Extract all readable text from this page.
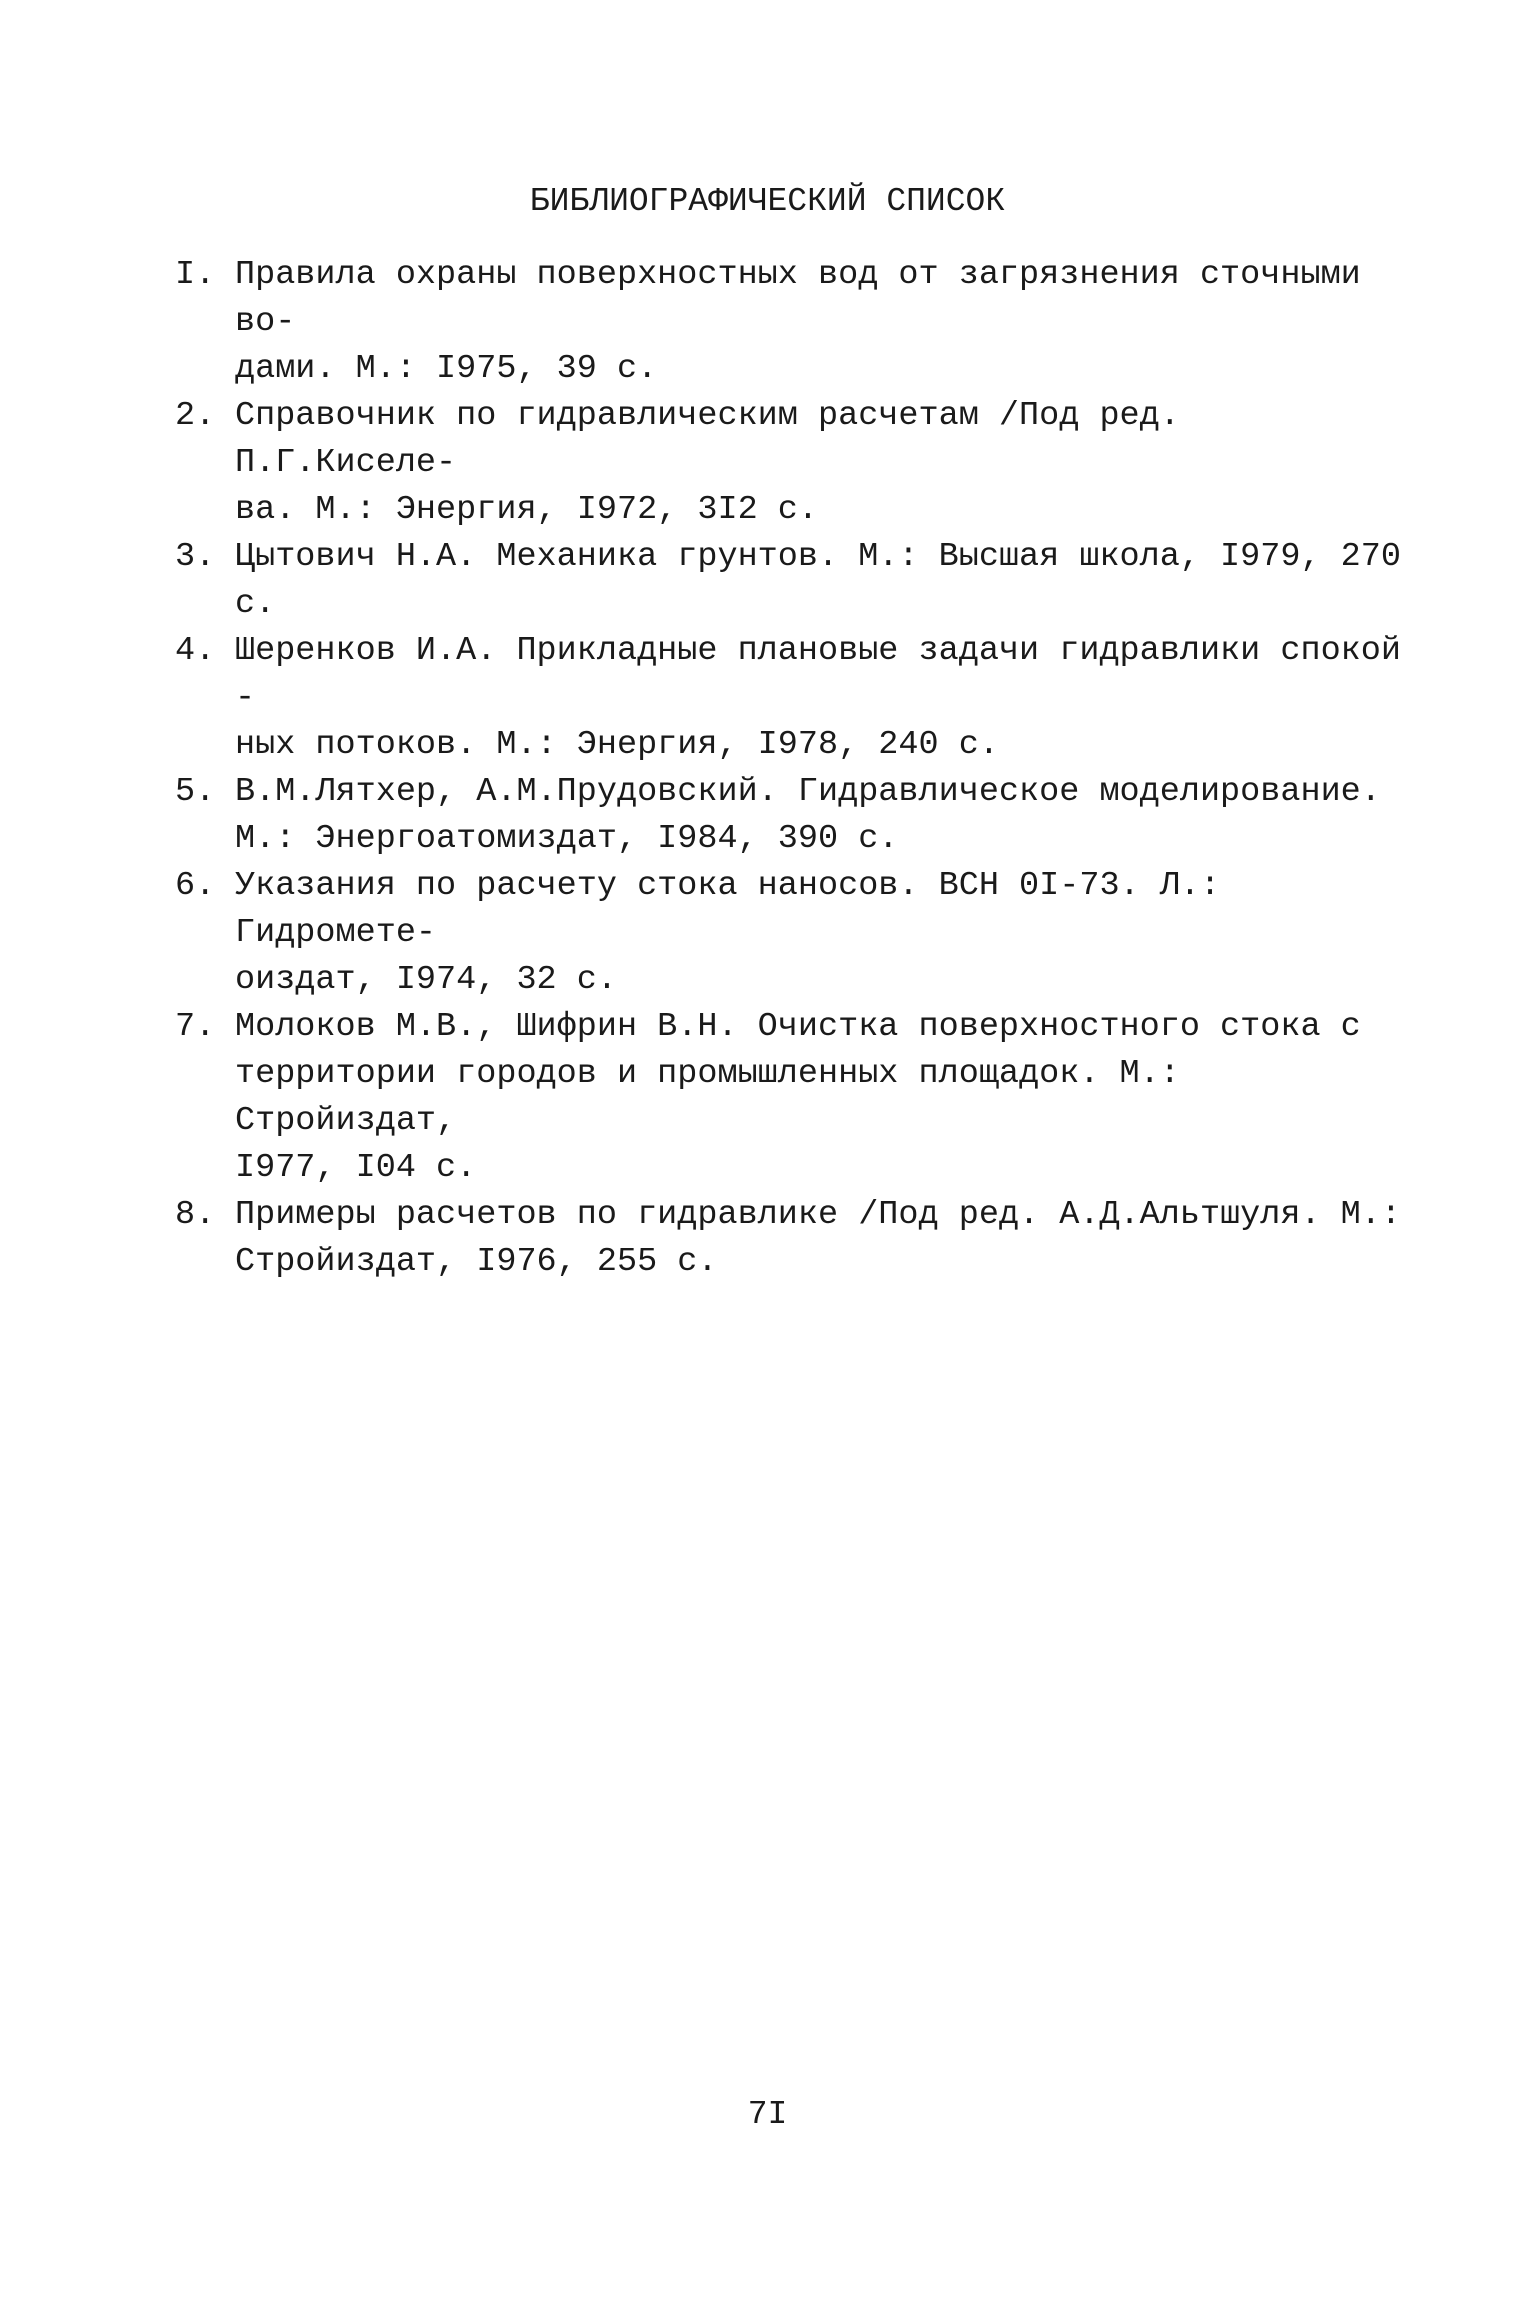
БИБЛИОГРАФИЧЕСКИЙ СПИСОК
I. Правила охраны поверхностных вод от загрязнения сточными во-
дами. М.: I975, 39 с.
2. Справочник по гидравлическим расчетам /Под ред. П.Г.Киселе-
ва. М.: Энергия, I972, 3I2 с.
3. Цытович Н.А. Механика грунтов. М.: Высшая школа, I979, 270 с.
4. Шеренков И.А. Прикладные плановые задачи гидравлики спокой -
ных потоков. М.: Энергия, I978, 240 с.
5. В.М.Лятхер, А.М.Прудовский. Гидравлическое моделирование.
М.: Энергоатомиздат, I984, 390 с.
6. Указания по расчету стока наносов. ВСН 0I-73. Л.: Гидромете-
оиздат, I974, 32 с.
7. Молоков М.В., Шифрин В.Н. Очистка поверхностного стока с
территории городов и промышленных площадок. М.: Стройиздат,
I977, I04 с.
8. Примеры расчетов по гидравлике /Под ред. А.Д.Альтшуля. М.:
Стройиздат, I976, 255 с.
7I
